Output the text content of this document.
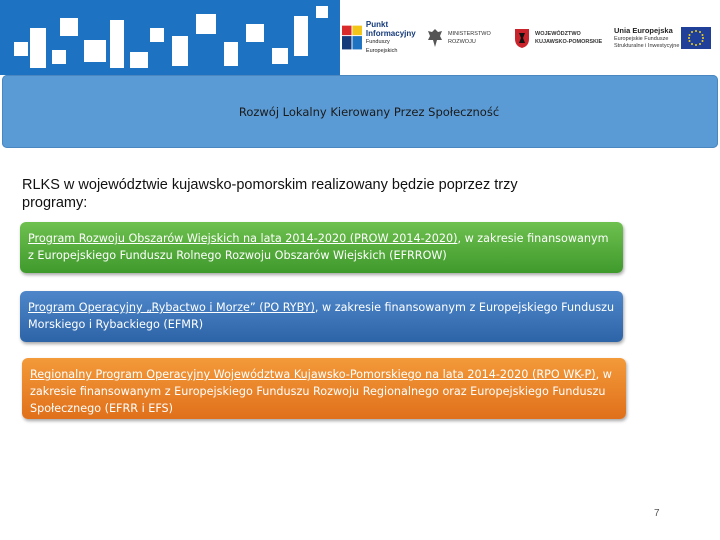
Punkt
Informacyjny
Funduszy Europejskich
MINISTERSTWO
ROZWOJU
WOJEWÓDZTWO
KUJAWSKO-POMORSKIE
Unia Europejska
Europejskie Fundusze
Strukturalne i Inwestycyjne
Rozwój Lokalny Kierowany Przez Społeczność
RLKS w województwie kujawsko-pomorskim realizowany będzie poprzez trzy programy:
Program Rozwoju Obszarów Wiejskich na lata 2014-2020 (PROW 2014-2020), w zakresie finansowanym z Europejskiego Funduszu Rolnego Rozwoju Obszarów Wiejskich (EFRROW)
Program Operacyjny „Rybactwo i Morze” (PO RYBY), w zakresie finansowanym z Europejskiego Funduszu Morskiego i Rybackiego (EFMR)
Regionalny Program Operacyjny Województwa Kujawsko-Pomorskiego na lata 2014-2020 (RPO WK-P), w zakresie finansowanym z Europejskiego Funduszu Rozwoju Regionalnego oraz Europejskiego Funduszu Społecznego (EFRR i EFS)
7
